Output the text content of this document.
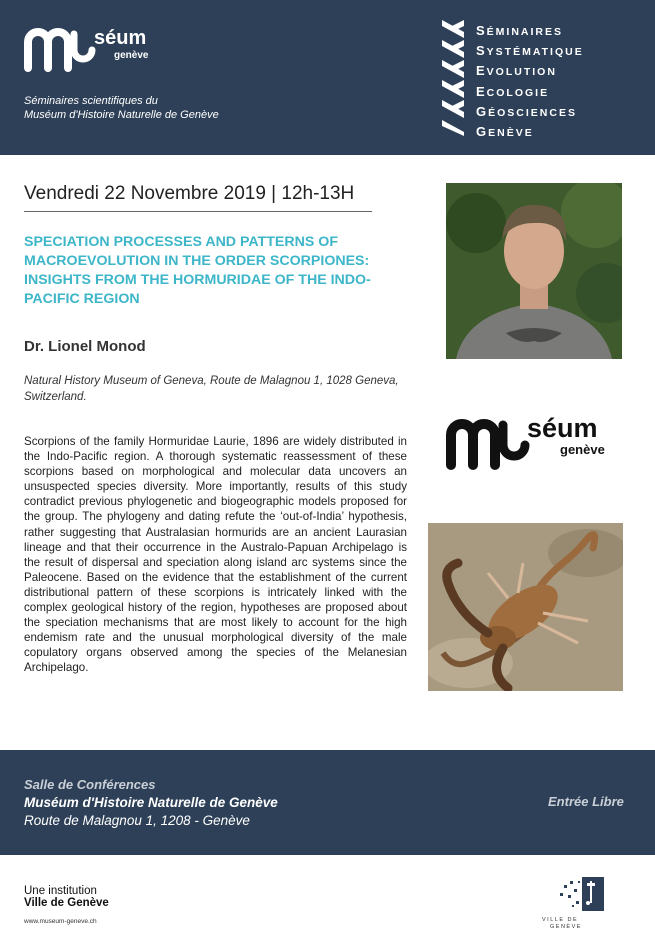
séum
genève
Séminaires scientifiques du
Muséum d'Histoire Naturelle de Genève
SÉMINAIRES
SYSTÉMATIQUE
EVOLUTION
ECOLOGIE
GÉOSCIENCES
GENÈVE
Vendredi 22 Novembre 2019 | 12h-13H
SPECIATION PROCESSES AND PATTERNS OF MACROEVOLUTION IN THE ORDER SCORPIONES: INSIGHTS FROM THE HORMURIDAE OF THE INDO-PACIFIC REGION
Dr. Lionel Monod
Natural History Museum of Geneva, Route de Malagnou 1, 1028 Geneva, Switzerland.
Scorpions of the family Hormuridae Laurie, 1896 are widely distributed in the Indo-Pacific region. A thorough systematic reassessment of these scorpions based on morphological and molecular data uncovers an unsuspected species diversity. More importantly, results of this study contradict previous phylogenetic and biogeographic models proposed for the group. The phylogeny and dating refute the ‘out-of-India’ hypothesis, rather suggesting that Australasian hormurids are an ancient Laurasian lineage and that their occurrence in the Australo-Papuan Archipelago is the result of dispersal and speciation along island arc systems since the Paleocene. Based on the evidence that the establishment of the current distributional pattern of these scorpions is intricately linked with the complex geological history of the region, hypotheses are proposed about the speciation mechanisms that are most likely to account for the high endemism rate and the unusual morphological diversity of the male copulatory organs observed among the species of the Melanesian Archipelago.
séum
genève
Salle de Conférences
Muséum d'Histoire Naturelle de Genève
Route de Malagnou 1, 1208 - Genève
Entrée Libre
Une institution
Ville de Genève
www.museum-geneve.ch	VILLE DE
GENÈVE
